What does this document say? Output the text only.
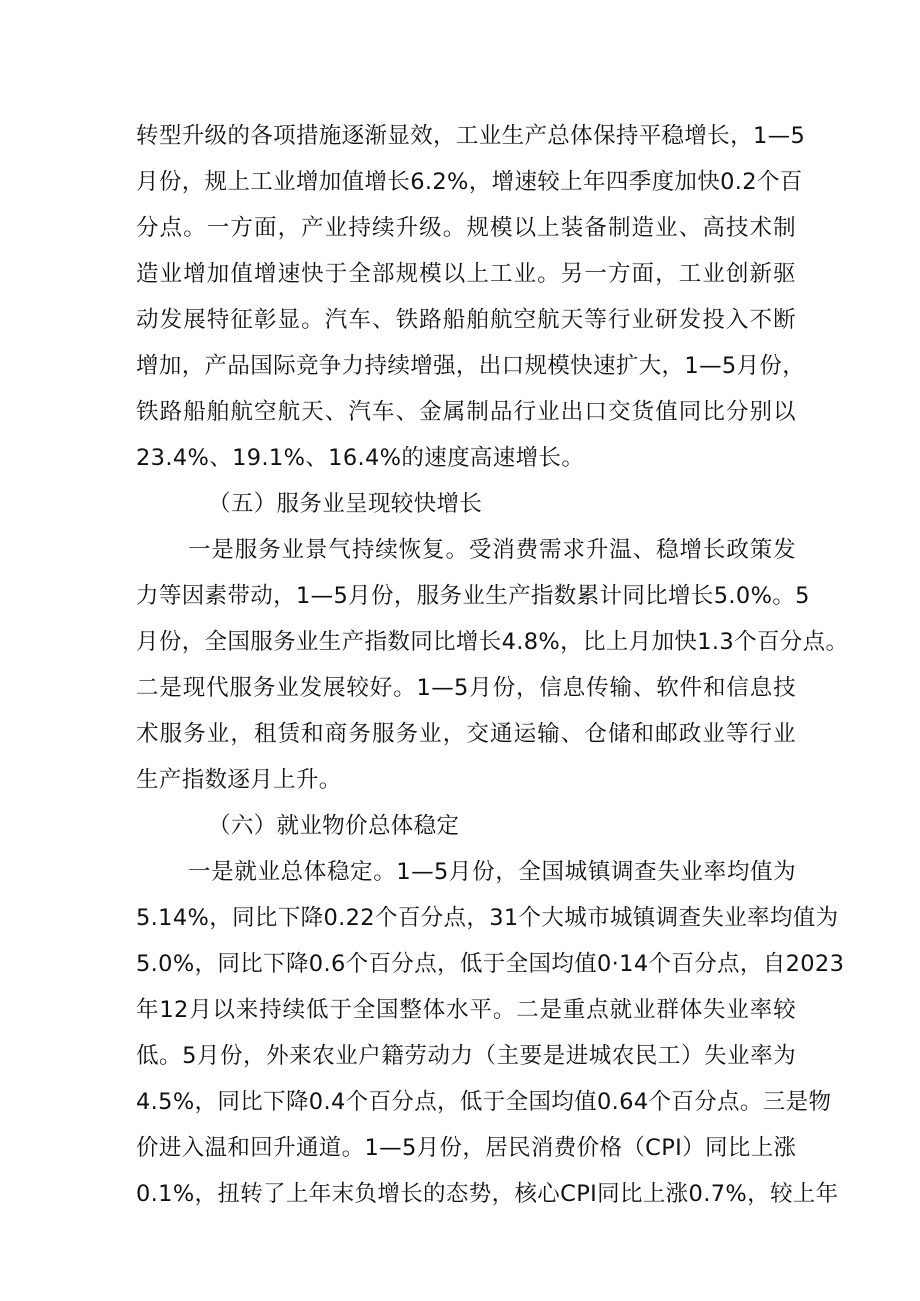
转型升级的各项措施逐渐显效，工业生产总体保持平稳增长，1—5
月份，规上工业增加值增长6.2%，增速较上年四季度加快0.2个百
分点。一方面，产业持续升级。规模以上装备制造业、高技术制
造业增加值增速快于全部规模以上工业。另一方面，工业创新驱
动发展特征彰显。汽车、铁路船舶航空航天等行业研发投入不断
增加，产品国际竞争力持续增强，出口规模快速扩大，1—5月份，
铁路船舶航空航天、汽车、金属制品行业出口交货值同比分别以
23.4%、19.1%、16.4%的速度高速增长。
（五）服务业呈现较快增长
一是服务业景气持续恢复。受消费需求升温、稳增长政策发
力等因素带动，1—5月份，服务业生产指数累计同比增长5.0%。5
月份，全国服务业生产指数同比增长4.8%，比上月加快1.3个百分点。
二是现代服务业发展较好。1—5月份，信息传输、软件和信息技
术服务业，租赁和商务服务业，交通运输、仓储和邮政业等行业
生产指数逐月上升。
（六）就业物价总体稳定
一是就业总体稳定。1—5月份，全国城镇调查失业率均值为
5.14%，同比下降0.22个百分点，31个大城市城镇调查失业率均值为
5.0%，同比下降0.6个百分点，低于全国均值0·14个百分点，自2023
年12月以来持续低于全国整体水平。二是重点就业群体失业率较
低。5月份，外来农业户籍劳动力（主要是进城农民工）失业率为
4.5%，同比下降0.4个百分点，低于全国均值0.64个百分点。三是物
价进入温和回升通道。1—5月份，居民消费价格（CPI）同比上涨
0.1%，扭转了上年末负增长的态势，核心CPI同比上涨0.7%，较上年
